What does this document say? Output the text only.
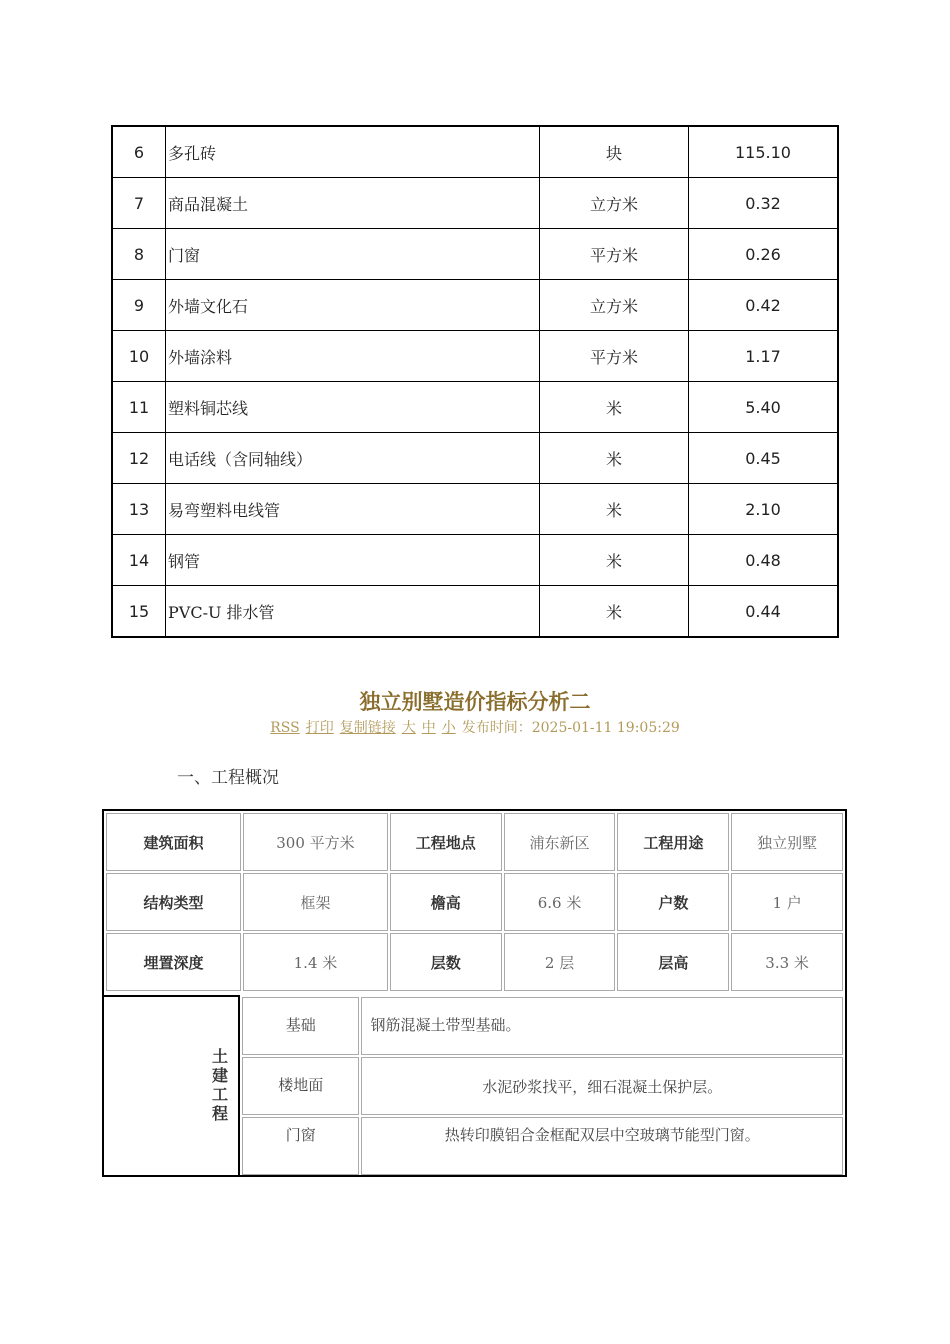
6	多孔砖	块	115.10
7	商品混凝土	立方米	0.32
8	门窗	平方米	0.26
9	外墙文化石	立方米	0.42
10	外墙涂料	平方米	1.17
11	塑料铜芯线	米	5.40
12	电话线（含同轴线）	米	0.45
13	易弯塑料电线管	米	2.10
14	钢管	米	0.48
15	PVC-U 排水管	米	0.44
独立别墅造价指标分析二
RSS 打印 复制链接 大 中 小 发布时间：2025-01-11 19:05:29
一、工程概况
建筑面积	300 平方米	工程地点	浦东新区	工程用途	独立别墅
结构类型	框架	檐高	6.6 米	户数	1 户
埋置深度	1.4 米	层数	2 层	层高	3.3 米
土建工程
基础	钢筋混凝土带型基础。
楼地面	水泥砂浆找平，细石混凝土保护层。
门窗	热转印膜铝合金框配双层中空玻璃节能型门窗。
